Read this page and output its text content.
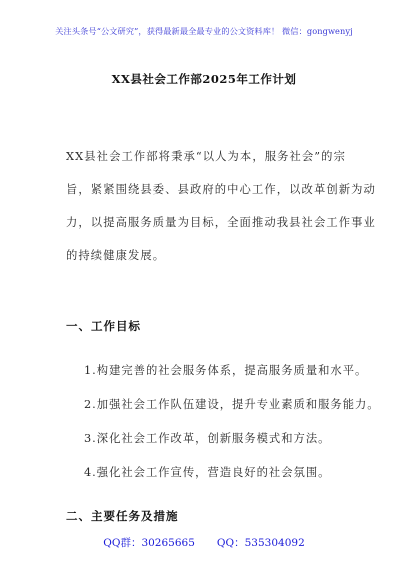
关注头条号“公文研究”，获得最新最全最专业的公文资料库！ 微信：gongwenyj
XX县社会工作部2025年工作计划
XX县社会工作部将秉承“以人为本，服务社会”的宗
旨，紧紧围绕县委、县政府的中心工作，以改革创新为动
力，以提高服务质量为目标，全面推动我县社会工作事业
的持续健康发展。
一、工作目标
1.构建完善的社会服务体系，提高服务质量和水平。
2.加强社会工作队伍建设，提升专业素质和服务能力。
3.深化社会工作改革，创新服务模式和方法。
4.强化社会工作宣传，营造良好的社会氛围。
二、主要任务及措施
QQ群：30265665 QQ：535304092
